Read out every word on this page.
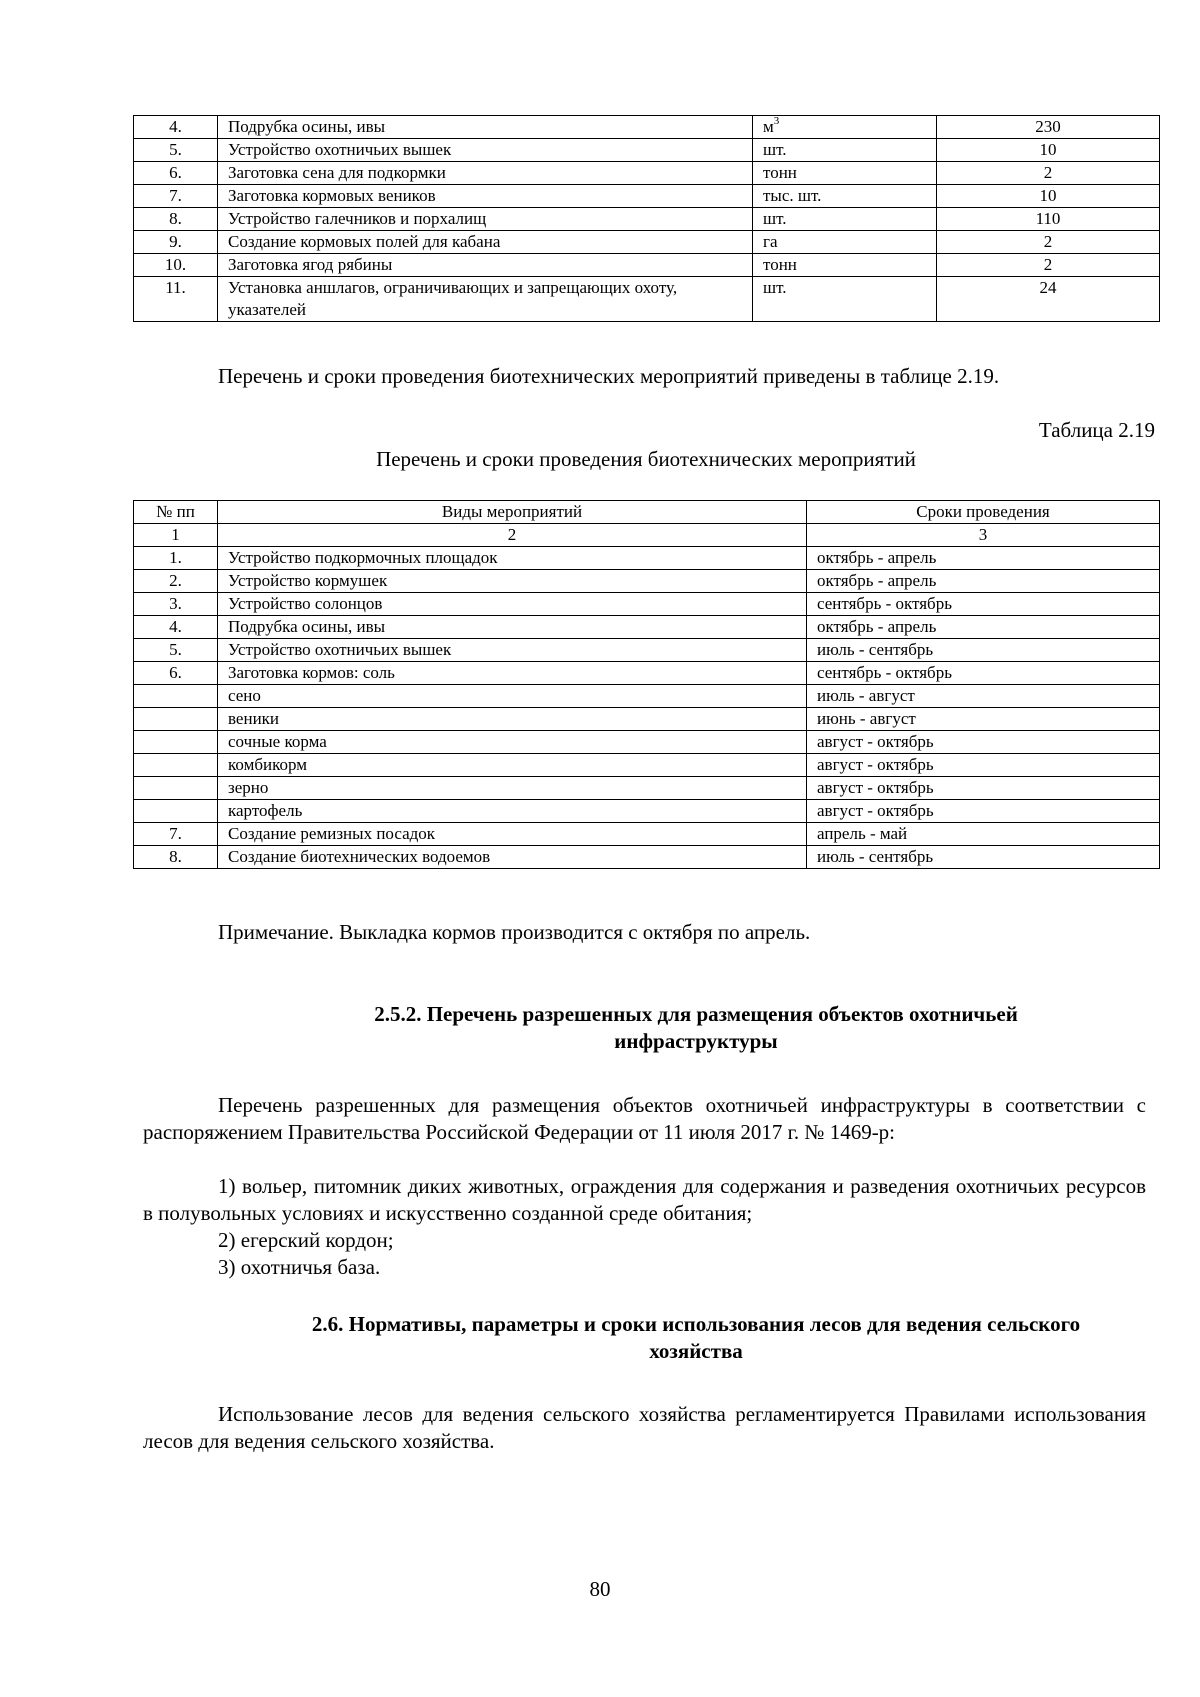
4.	Подрубка осины, ивы	$м^3$	230
5.	Устройство охотничьих вышек	шт.	10
6.	Заготовка сена для подкормки	тонн	2
7.	Заготовка кормовых веников	тыс. шт.	10
8.	Устройство галечников и порхалищ	шт.	110
9.	Создание кормовых полей для кабана	га	2
10.	Заготовка ягод рябины	тонн	2
11.	Установка аншлагов, ограничивающих и запрещающих охоту, указателей	шт.	24

Перечень и сроки проведения биотехнических мероприятий приведены в таблице 2.19.

Таблица 2.19

Перечень и сроки проведения биотехнических мероприятий

№ пп	Виды мероприятий	Сроки проведения
1	2	3
1.	Устройство подкормочных площадок	октябрь - апрель
2.	Устройство кормушек	октябрь - апрель
3.	Устройство солонцов	сентябрь - октябрь
4.	Подрубка осины, ивы	октябрь - апрель
5.	Устройство охотничьих вышек	июль - сентябрь
6.	Заготовка кормов: соль	сентябрь - октябрь
	сено	июль - август
	веники	июнь - август
	сочные корма	август - октябрь
	комбикорм	август - октябрь
	зерно	август - октябрь
	картофель	август - октябрь
7.	Создание ремизных посадок	апрель - май
8.	Создание биотехнических водоемов	июль - сентябрь

Примечание. Выкладка кормов производится с октября по апрель.

2.5.2. Перечень разрешенных для размещения объектов охотничьей
инфраструктуры

Перечень разрешенных для размещения объектов охотничьей инфраструктуры в соответствии с распоряжением Правительства Российской Федерации от 11 июля 2017 г. № 1469-р:

1) вольер, питомник диких животных, ограждения для содержания и разведения охотничьих ресурсов в полувольных условиях и искусственно созданной среде обитания;

2) егерский кордон;

3) охотничья база.

2.6. Нормативы, параметры и сроки использования лесов для ведения сельского
хозяйства

Использование лесов для ведения сельского хозяйства регламентируется Правилами использования лесов для ведения сельского хозяйства.

80
